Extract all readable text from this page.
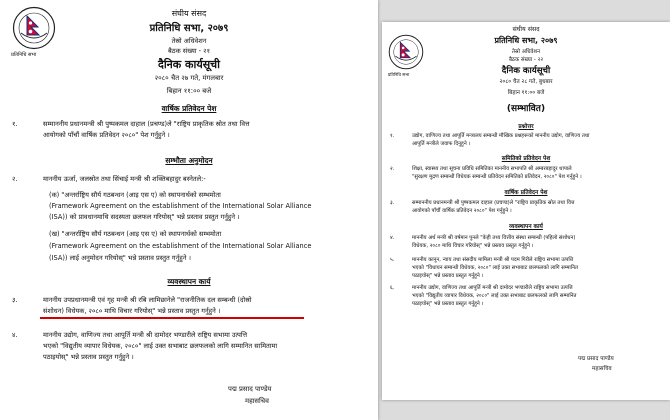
प्रतिनिधि सभा
संघीय संसद
प्रतिनिधि सभा, २०७९
तेस्रो अधिवेशन
बैठक संख्या - २१
दैनिक कार्यसूची
२०८० चैत २७ गते, मंगलबार
बिहान ११:०० बजे
वार्षिक प्रतिवेदन पेश
१.	सम्माननीय प्रधानमन्त्री श्री पुष्पकमल दाहाल (प्रचण्ड)ले "राष्ट्रिय प्राकृतिक स्रोत तथा वित्त
आयोगको पाँचौं वार्षिक प्रतिवेदन २०८०" पेश गर्नुहुने ।
सम्भौता अनुमोदन
२.	माननीय ऊर्जा, जलस्रोत तथा सिंचाई मन्त्री श्री शक्तिबहादुर बस्नेतले:-
(क) "अन्तर्राष्ट्रिय सौर्य गठबन्धन (आइ एस ए) को स्थापनार्थको सम्भमोता
(Framework Agreement on the establishment of the International Solar Alliance
(ISA)) को प्रावधानमाथि सदस्यता छलफल गरियोस्" भन्ने प्रस्ताव प्रस्तुत गर्नुहुने ।
(ख) "अन्तर्राष्ट्रिय सौर्य गठबन्धन (आइ एस ए) को स्थापनार्थको सम्भमोता
(Framework Agreement on the establishment of the International Solar Alliance
(ISA)) लाई अनुमोदन गरियोस्" भन्ने प्रस्ताव प्रस्तुत गर्नुहुने ।
व्यवस्थापन कार्य
३.	माननीय उपप्रधानमन्त्री एवं गृह मन्त्री श्री रबि लामिछानेले "राजनीतिक दल सम्बन्धी (दोस्रो
संशोधन) विधेयक, २०८० माथि विचार गरियोस्" भन्ने प्रस्ताव प्रस्तुत गर्नुहुने ।
४.	माननीय उद्योग, वाणिज्य तथा आपूर्ति मन्त्री श्री दामोदर भण्डारीले राष्ट्रिय सभामा उत्पत्ति
भएको "विद्युतीय व्यापार विधेयक, २०८०" लाई उक्त सभाबाट छलफलको लागि सम्मानित सामितामा
पठाइयोस्" भन्ने प्रस्ताव प्रस्तुत गर्नुहुने ।
पद्म प्रसाद पाण्डेय
महासचिव
प्रतिनिधि सभा
संघीय संसद
प्रतिनिधि सभा, २०७९
तेस्रो अधिवेशन
बैठक संख्या - २२
दैनिक कार्यसूची
२०८० चैत २८ गते, बुधबार
बिहान ११:०० बजे
(सम्भावित)
प्रश्नोत्तर
१.	उद्योग, वाणिज्य तथा आपूर्ति मन्त्रालय सम्बन्धी मौखिक प्रश्नहरूको माननीय उद्योग, वाणिज्य तथा
आपूर्ति मन्त्रीले जवाफ दिनुहुने ।
समितिको प्रतिवेदन पेश
२.	शिक्षा, स्वास्थ्य तथा सूचना प्रविधि समितिका माननीय सभापति श्री अम्बरबहादुर थापाले
"सुरक्षण मुद्रण सम्बन्धी विधेयक सम्बन्धी प्रतिवेदन समितिको प्रतिवेदन, २०८०" पेश गर्नुहुने ।
वार्षिक प्रतिवेदन पेश
३.	सम्माननीय प्रधानमन्त्री श्री पुष्पकमल दाहाल (प्रचण्ड)ले "राष्ट्रिय प्राकृतिक स्रोत तथा वित्त
आयोगको पाँचौं वार्षिक प्रतिवेदन २०८०" पेश गर्नुहुने ।
व्यवस्थापन कार्य
४.	माननीय अर्थ मन्त्री श्री वर्षमान पुनले "केही तथ्य वित्तीय संस्था सम्बन्धी (पहिलो संशोधन)
विधेयक, २०८० माथि विचार गरियोस्" भन्ने प्रस्ताव प्रस्तुत गर्नुहुने ।
५.	माननीय कानून, न्याय तथा संसदीय मामिला मन्त्री श्री पदम गिरीले राष्ट्रिय सभामा उत्पत्ति
भएको "विधायन सम्बन्धी विधेयक, २०८०" लाई उक्त सभाबाट छलफलको लागि सम्मानित
पठाइयोस्" भन्ने प्रस्ताव प्रस्तुत गर्नुहुने ।
६.	माननीय उद्योग, वाणिज्य तथा आपूर्ति मन्त्री श्री दामोदर भण्डारीले राष्ट्रिय सभामा उत्पत्ति
भएको "विद्युतीय व्यापार विधेयक, २०८०" लाई उक्त सभाबाट छलफलको लागि सम्मानित
पठाइयोस्" भन्ने प्रस्ताव प्रस्तुत गर्नुहुने ।
पद्म प्रसाद पाण्डेय
महासचिव
